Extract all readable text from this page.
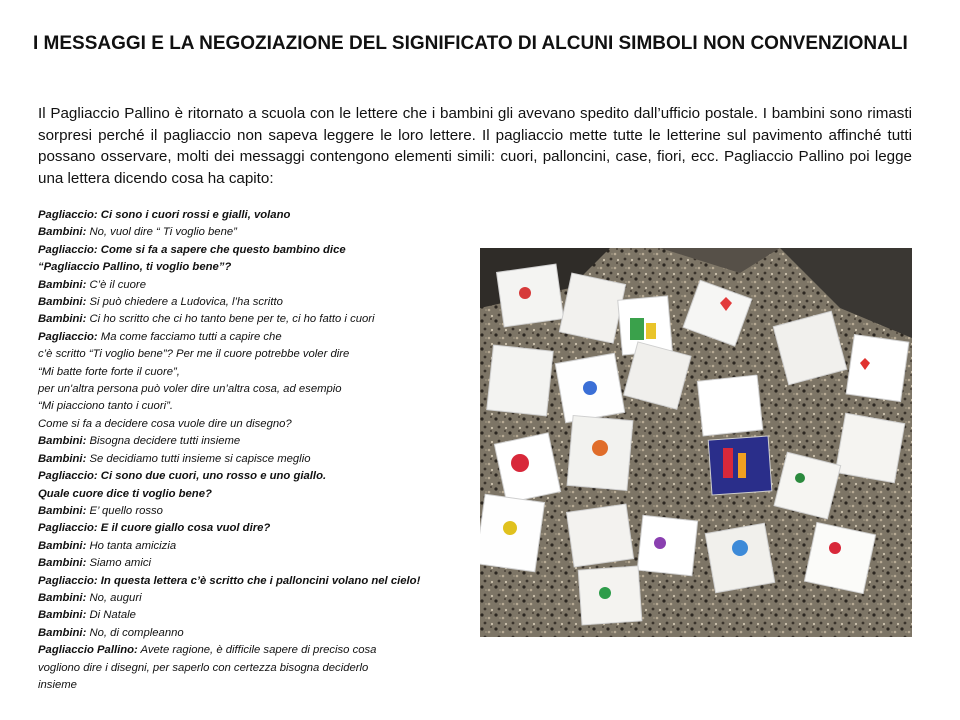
I MESSAGGI E LA NEGOZIAZIONE DEL SIGNIFICATO DI ALCUNI SIMBOLI NON CONVENZIONALI

Il Pagliaccio Pallino è ritornato a scuola con le lettere che i bambini gli avevano spedito dall’ufficio postale. I bambini sono rimasti sorpresi perché il pagliaccio non sapeva leggere le loro lettere. Il pagliaccio mette tutte le letterine sul pavimento affinché tutti possano osservare, molti dei messaggi contengono elementi simili: cuori, palloncini, case, fiori, ecc. Pagliaccio Pallino poi legge una lettera dicendo cosa ha capito:

Pagliaccio: Ci sono i cuori rossi e gialli, volano
Bambini: No, vuol dire “ Ti voglio bene”
Pagliaccio: Come si fa a sapere che questo bambino dice
“Pagliaccio Pallino, ti voglio bene”?
Bambini: C’è il cuore
Bambini: Si può chiedere a Ludovica, l’ha scritto
Bambini: Ci ho scritto che ci ho tanto bene per te, ci ho fatto i cuori
Pagliaccio: Ma come facciamo tutti a capire che
c’è scritto “Ti voglio bene”? Per me il cuore potrebbe voler dire
“Mi batte forte forte il cuore”,
per un'altra persona può voler dire un’altra cosa, ad esempio
“Mi piacciono tanto i cuori”.
Come si fa a decidere cosa vuole dire un disegno?
Bambini: Bisogna decidere tutti insieme
Bambini: Se decidiamo tutti insieme si capisce meglio
Pagliaccio: Ci sono due cuori, uno rosso e uno giallo.
Quale cuore dice ti voglio bene?
Bambini: E’ quello rosso
Pagliaccio: E il cuore giallo cosa vuol dire?
Bambini: Ho tanta amicizia
Bambini: Siamo amici
Pagliaccio: In questa lettera c’è scritto che i palloncini volano nel cielo!
Bambini: No, auguri
Bambini: Di Natale
Bambini: No, di compleanno
Pagliaccio Pallino: Avete ragione, è difficile sapere di preciso cosa
vogliono dire i disegni, per saperlo con certezza bisogna deciderlo
insieme
